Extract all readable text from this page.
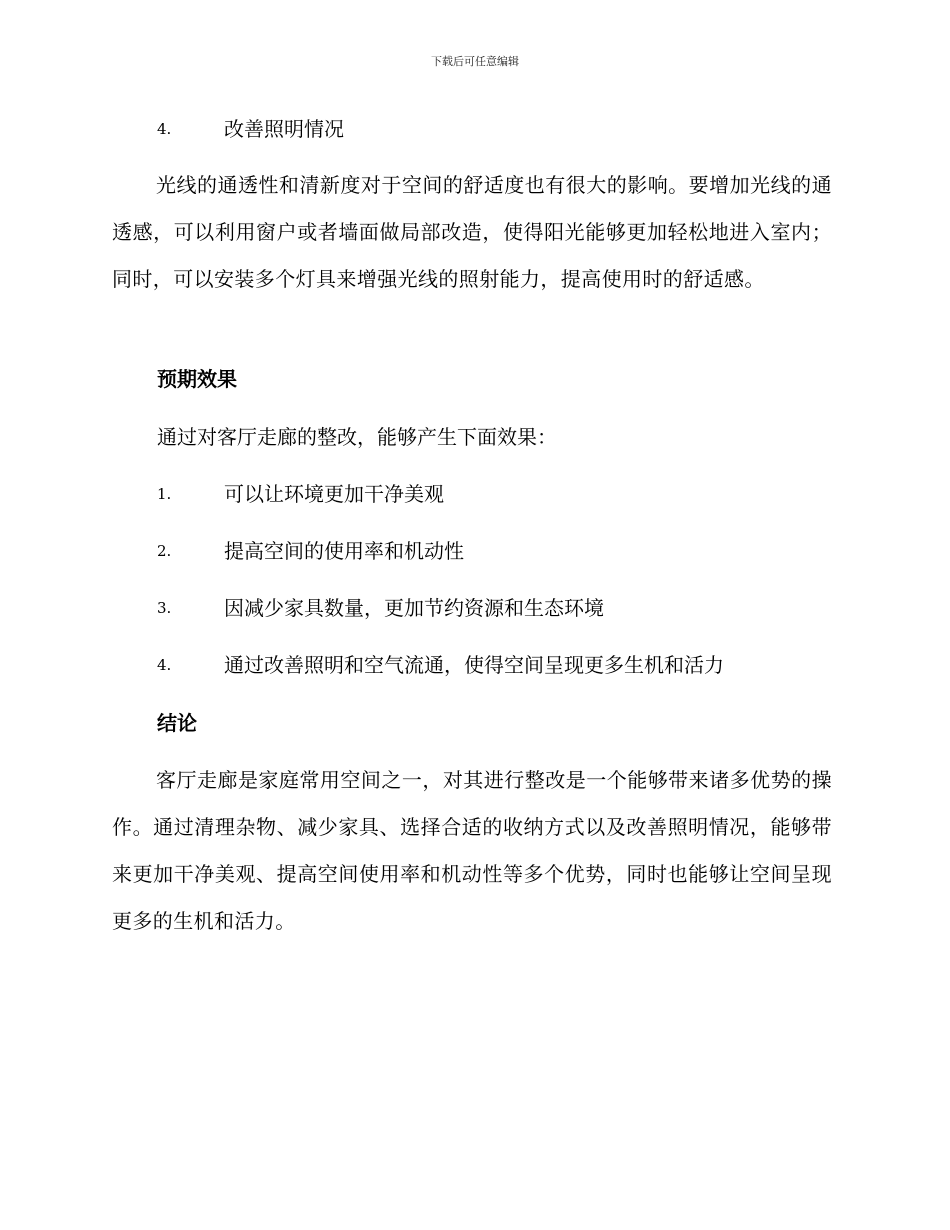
下载后可任意编辑
4.	改善照明情况

光线的通透性和清新度对于空间的舒适度也有很大的影响。要增加光线的通透感，可以利用窗户或者墙面做局部改造，使得阳光能够更加轻松地进入室内；同时，可以安装多个灯具来增强光线的照射能力，提高使用时的舒适感。

预期效果
通过对客厅走廊的整改，能够产生下面效果：
1.	可以让环境更加干净美观
2.	提高空间的使用率和机动性
3.	因减少家具数量，更加节约资源和生态环境
4.	通过改善照明和空气流通，使得空间呈现更多生机和活力
结论

客厅走廊是家庭常用空间之一，对其进行整改是一个能够带来诸多优势的操作。通过清理杂物、减少家具、选择合适的收纳方式以及改善照明情况，能够带来更加干净美观、提高空间使用率和机动性等多个优势，同时也能够让空间呈现更多的生机和活力。
